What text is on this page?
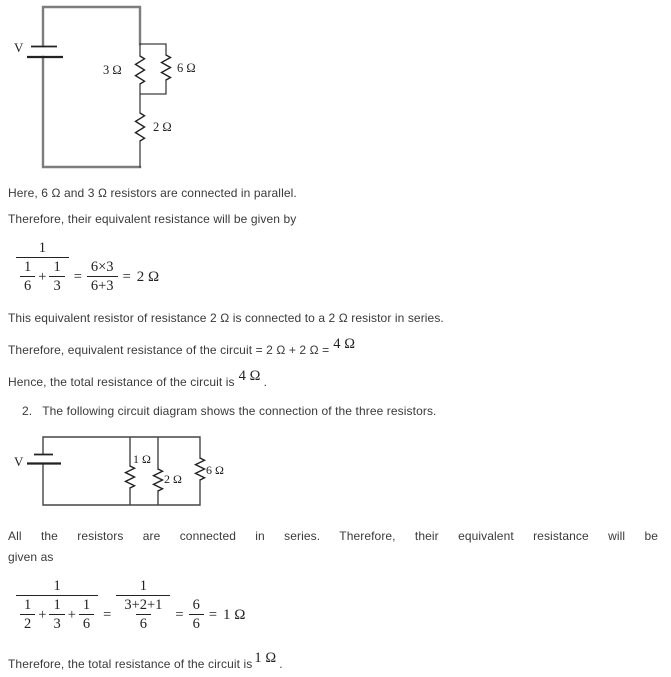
V
3 Ω	6 Ω
2 Ω
Here, 6 Ω and 3 Ω resistors are connected in parallel.
Therefore, their equivalent resistance will be given by
1
$\frac{1}{6} + \frac{1}{3} = \frac{6\times 3}{6+3} = 2$ Ω
This equivalent resistor of resistance 2 Ω is connected to a 2 Ω resistor in series.
Therefore, equivalent resistance of the circuit = 2 Ω + 2 Ω = 4 Ω
Hence, the total resistance of the circuit is 4 Ω .
2. The following circuit diagram shows the connection of the three resistors.
V	1 Ω
2 Ω
6 Ω
All the resistors are connected in series. Therefore, their equivalent resistance will be
given as
1
$\frac{1}{2} + \frac{1}{3} + \frac{1}{6} = \frac{1}{\frac{3+2+1}{6}} = \frac{6}{6} = 1$ Ω
Therefore, the total resistance of the circuit is 1 Ω .
